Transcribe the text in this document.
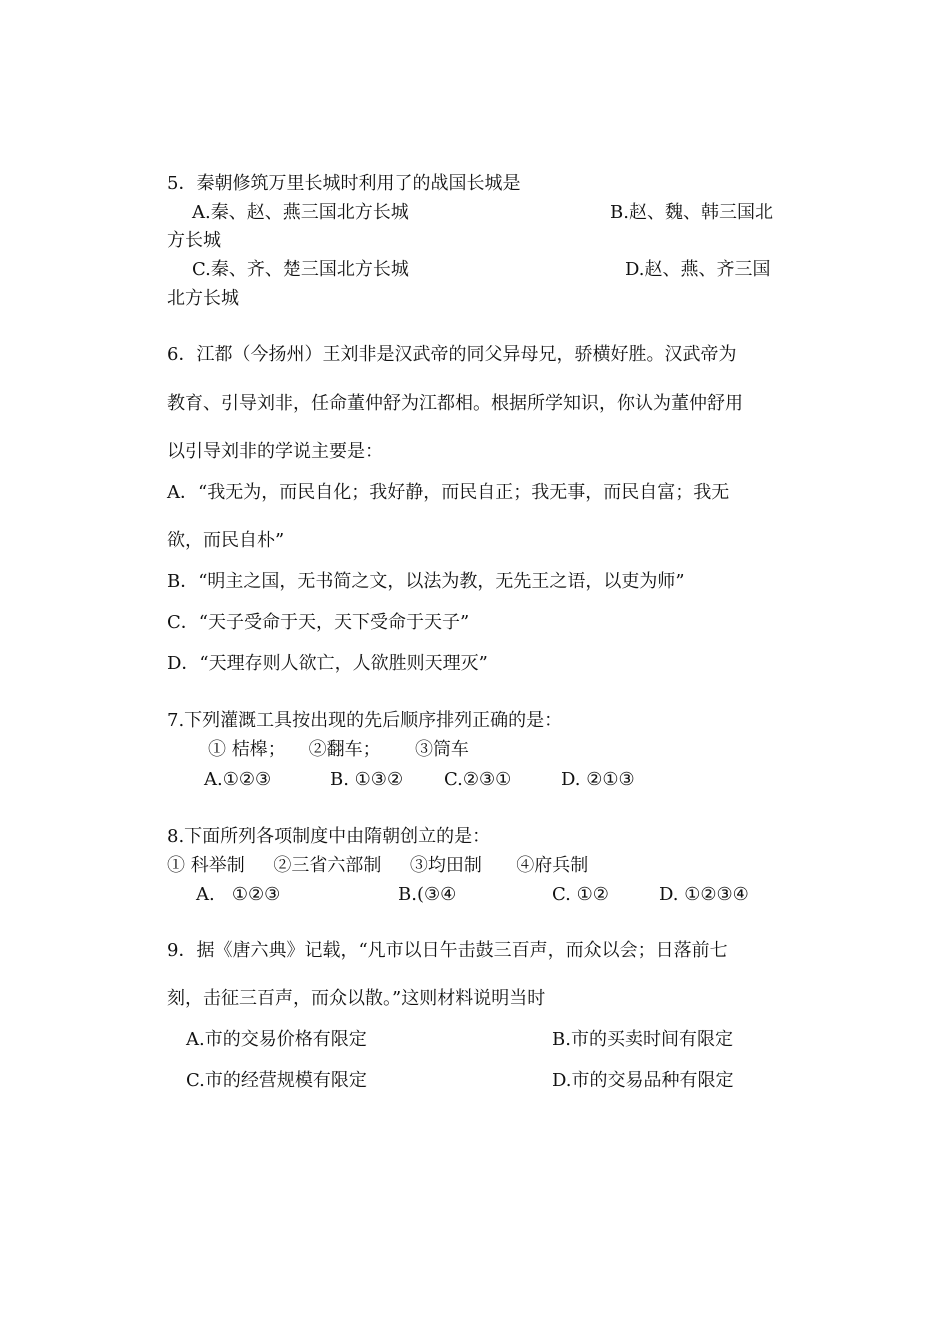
5．秦朝修筑万里长城时利用了的战国长城是
A.秦、赵、燕三国北方长城	B.赵、魏、韩三国北
方长城
C.秦、齐、楚三国北方长城	D.赵、燕、齐三国
北方长城
6．江都（今扬州）王刘非是汉武帝的同父异母兄，骄横好胜。汉武帝为
教育、引导刘非，任命董仲舒为江都相。根据所学知识，你认为董仲舒用
以引导刘非的学说主要是：
A．“我无为，而民自化；我好静，而民自正；我无事，而民自富；我无
欲，而民自朴”
B．“明主之国，无书简之文，以法为教，无先王之语，以吏为师”
C．“天子受命于天，天下受命于天子”
D．“天理存则人欲亡，人欲胜则天理灭”
7.下列灌溉工具按出现的先后顺序排列正确的是：
① 桔槔；    ②翻车；      ③筒车
A.①②③	B. ①③② C.②③①	D. ②①③
8.下面所列各项制度中由隋朝创立的是：
① 科举制     ②三省六部制     ③均田制      ④府兵制
A.   ①②③	B.(③④	C. ①②	D. ①②③④
9．据《唐六典》记载，“凡市以日午击鼓三百声，而众以会；日落前七
刻，击征三百声，而众以散。”这则材料说明当时
A.市的交易价格有限定	B.市的买卖时间有限定
C.市的经营规模有限定	D.市的交易品种有限定
